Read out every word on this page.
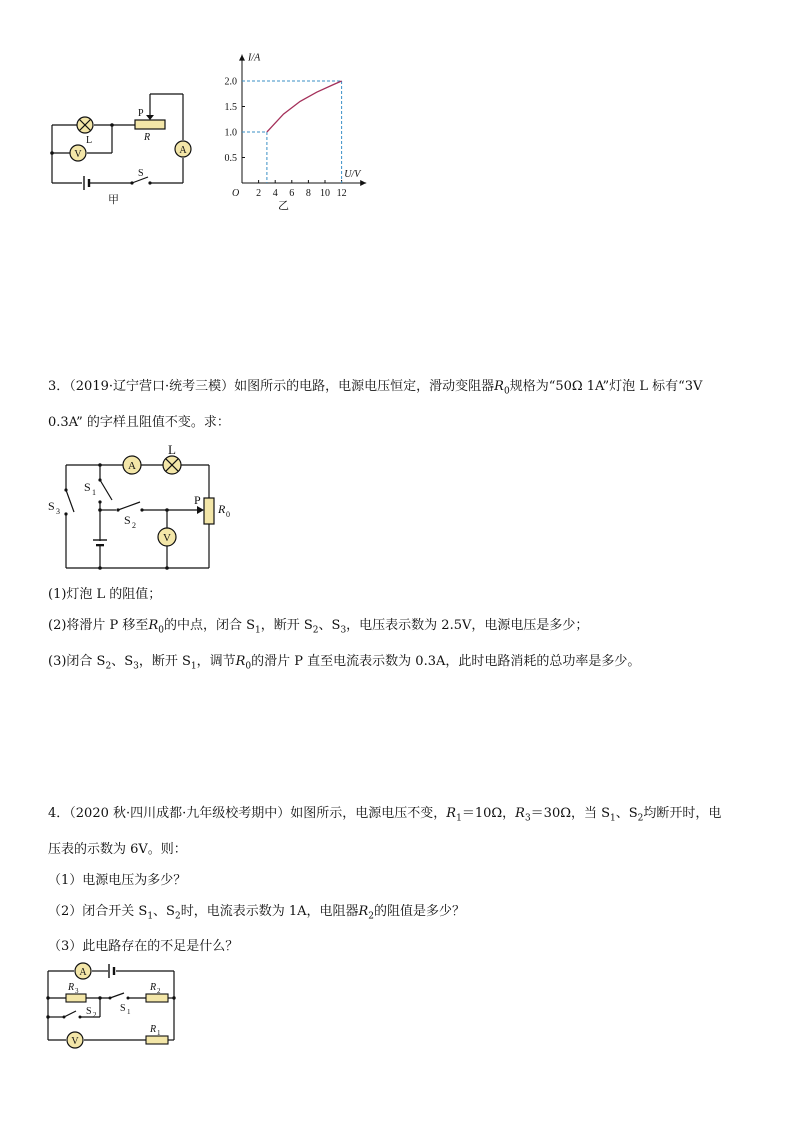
V	A
L
P
R
S
甲
2 4 6 8 10 12
0.5
1.0
1.5
2.0
O
I/A
U/V
乙
3．（2019·辽宁营口·统考三模）如图所示的电路，电源电压恒定，滑动变阻器$R_0$规格为“50Ω 1A”灯泡 L 标有“3V
0.3A” 的字样且阻值不变。求：
A
V
L
P
R 0
S 3
S 1
S 2
(1)灯泡 L 的阻值；
(2)将滑片 P 移至$R_0$的中点，闭合 $S_1$，断开 $S_2$、$S_3$，电压表示数为 2.5V，电源电压是多少；
(3)闭合 $S_2$、$S_3$，断开 $S_1$，调节$R_0$的滑片 P 直至电流表示数为 0.3A，此时电路消耗的总功率是多少。
4．（2020 秋·四川成都·九年级校考期中）如图所示，电源电压不变，$R_1=10\Omega$，$R_3=30\Omega$，当 $S_1$、$S_2$均断开时，电
压表的示数为 6V。则：
（1）电源电压为多少？
（2）闭合开关 $S_1$、$S_2$时，电流表示数为 1A，电阻器$R_2$的阻值是多少？
（3）此电路存在的不足是什么？
A
V
R 3	R 2
R 1
S 1
S 2
